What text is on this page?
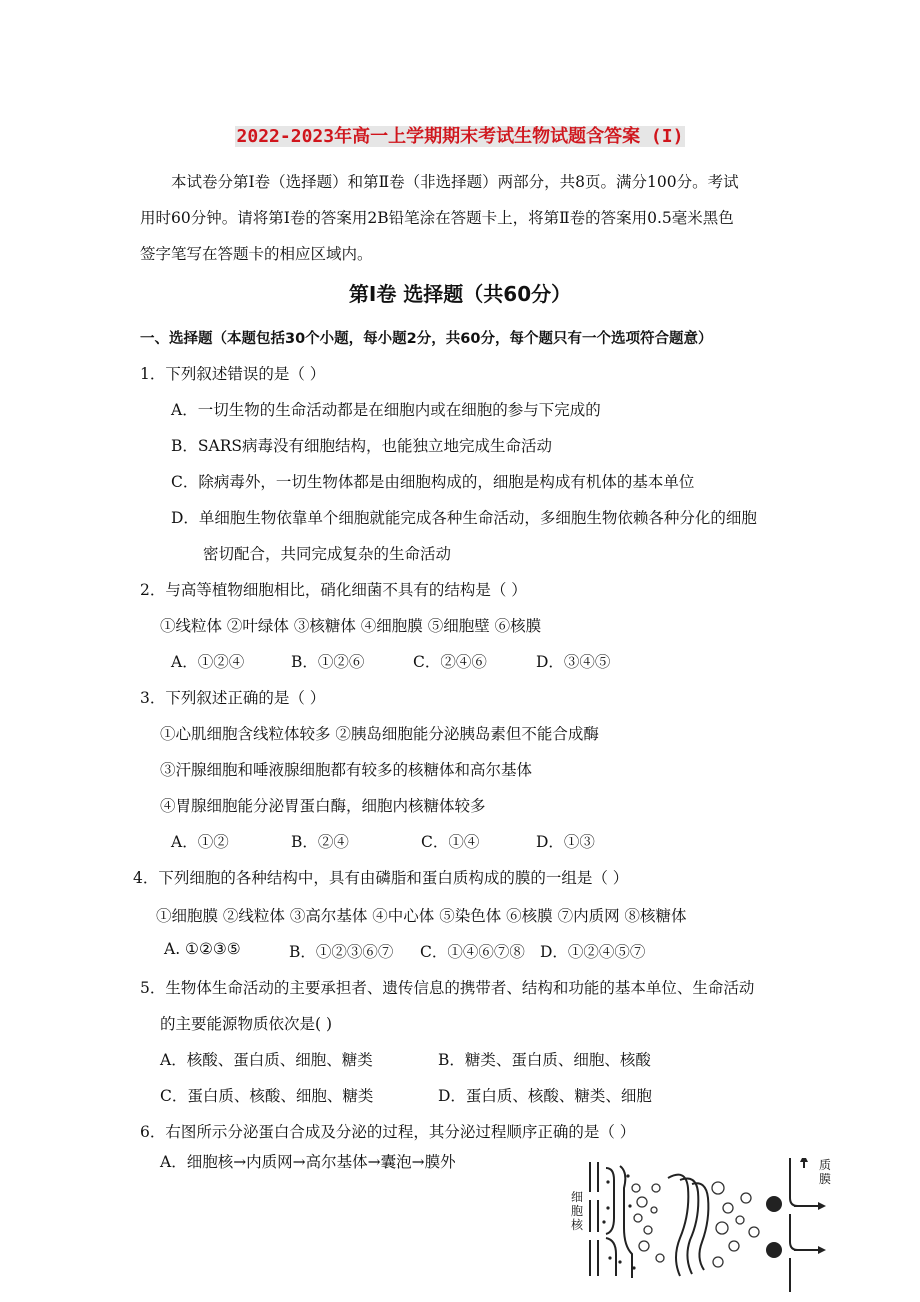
2022-2023年高一上学期期末考试生物试题含答案 (I)
本试卷分第Ⅰ卷（选择题）和第Ⅱ卷（非选择题）两部分，共8页。满分100分。考试
用时60分钟。请将第Ⅰ卷的答案用2B铅笔涂在答题卡上，将第Ⅱ卷的答案用0.5毫米黑色
签字笔写在答题卡的相应区域内。
第Ⅰ卷 选择题（共60分）
一、选择题（本题包括30个小题，每小题2分，共60分，每个题只有一个选项符合题意）
1．下列叙述错误的是（ ）
A．一切生物的生命活动都是在细胞内或在细胞的参与下完成的
B．SARS病毒没有细胞结构，也能独立地完成生命活动
C．除病毒外，一切生物体都是由细胞构成的，细胞是构成有机体的基本单位
D．单细胞生物依靠单个细胞就能完成各种生命活动，多细胞生物依赖各种分化的细胞
密切配合，共同完成复杂的生命活动
2．与高等植物细胞相比，硝化细菌不具有的结构是（ ）
①线粒体 ②叶绿体 ③核糖体 ④细胞膜 ⑤细胞壁 ⑥核膜
A．①②④	B．①②⑥	C．②④⑥	D．③④⑤
3．下列叙述正确的是（ ）
①心肌细胞含线粒体较多 ②胰岛细胞能分泌胰岛素但不能合成酶
③汗腺细胞和唾液腺细胞都有较多的核糖体和高尔基体
④胃腺细胞能分泌胃蛋白酶，细胞内核糖体较多
A．①②	B．②④	C．①④	D．①③
4．下列细胞的各种结构中，具有由磷脂和蛋白质构成的膜的一组是（ ）
①细胞膜 ②线粒体 ③高尔基体 ④中心体 ⑤染色体 ⑥核膜 ⑦内质网 ⑧核糖体
A. ①②③⑤	B．①②③⑥⑦ C．①④⑥⑦⑧ D．①②④⑤⑦
5．生物体生命活动的主要承担者、遗传信息的携带者、结构和功能的基本单位、生命活动
的主要能源物质依次是( )
A．核酸、蛋白质、细胞、糖类	B．糖类、蛋白质、细胞、核酸
C．蛋白质、核酸、细胞、糖类	D．蛋白质、核酸、糖类、细胞
6．右图所示分泌蛋白合成及分泌的过程，其分泌过程顺序正确的是（ ）
A．细胞核→内质网→高尔基体→囊泡→膜外
细胞核
质膜
